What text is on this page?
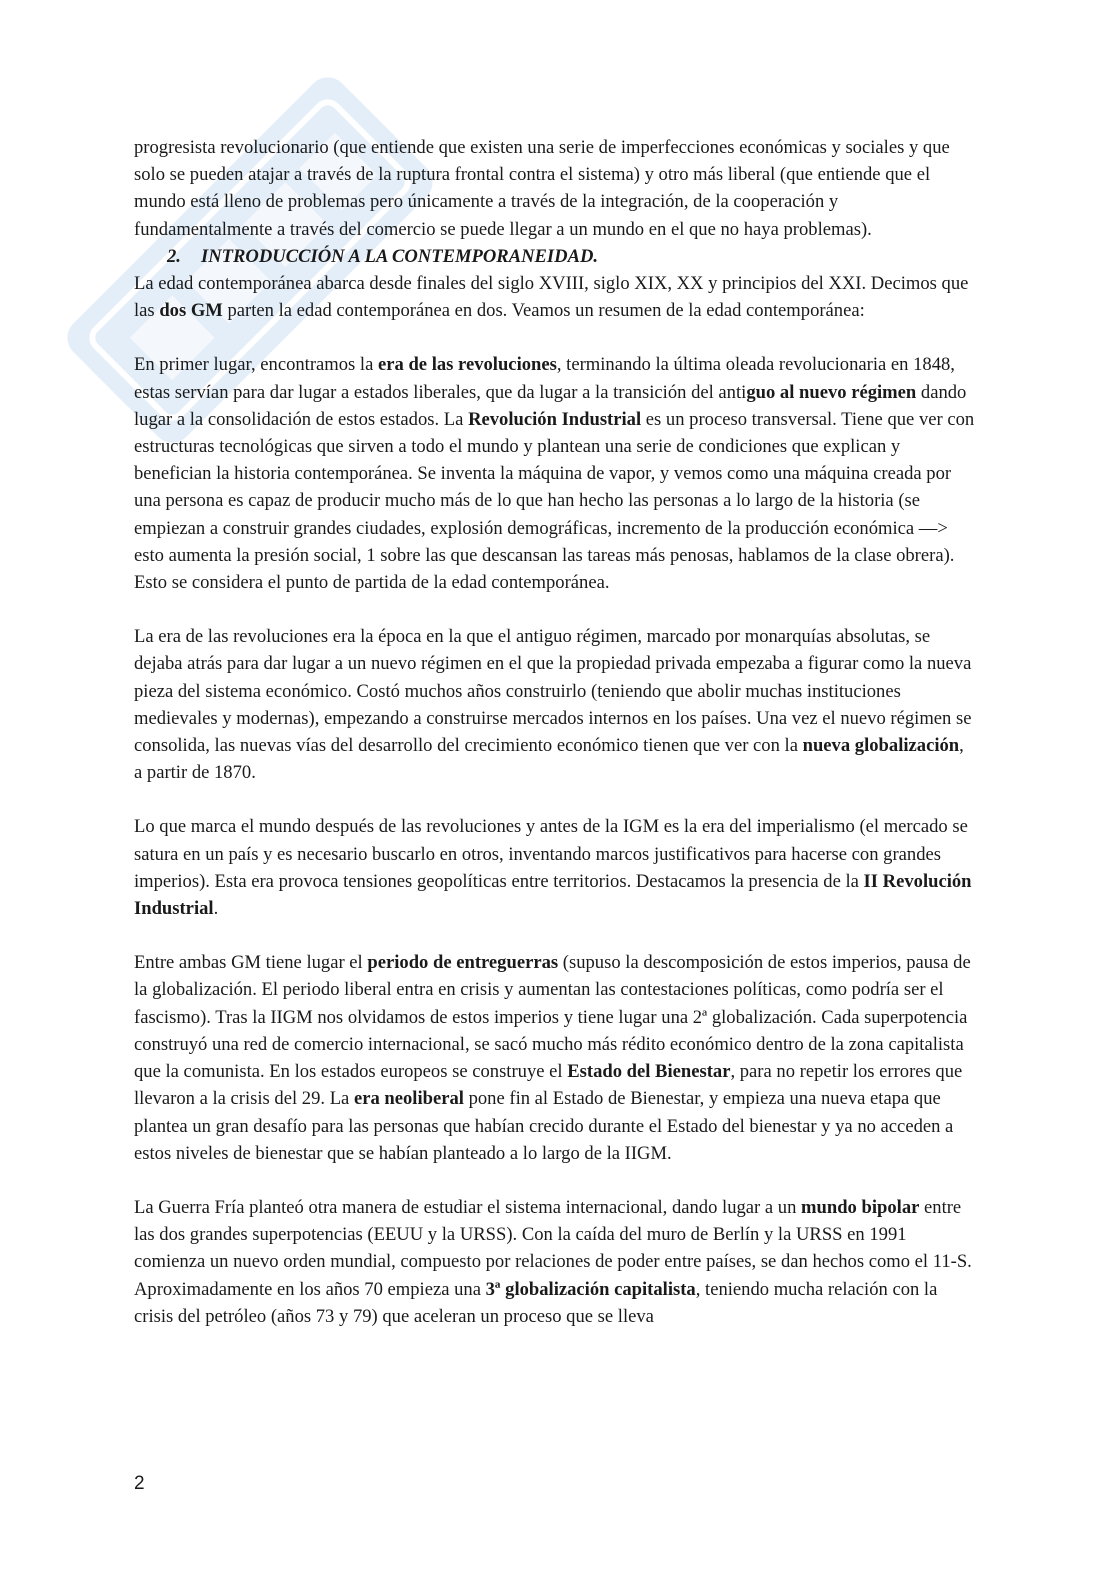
progresista revolucionario (que entiende que existen una serie de imperfecciones económicas y sociales y que solo se pueden atajar a través de la ruptura frontal contra el sistema) y otro más liberal (que entiende que el mundo está lleno de problemas pero únicamente a través de la integración, de la cooperación y fundamentalmente a través del comercio se puede llegar a un mundo en el que no haya problemas).

2. INTRODUCCIÓN A LA CONTEMPORANEIDAD.

La edad contemporánea abarca desde finales del siglo XVIII, siglo XIX, XX y principios del XXI. Decimos que las dos GM parten la edad contemporánea en dos. Veamos un resumen de la edad contemporánea:

En primer lugar, encontramos la era de las revoluciones, terminando la última oleada revolucionaria en 1848, estas servían para dar lugar a estados liberales, que da lugar a la transición del antiguo al nuevo régimen dando lugar a la consolidación de estos estados. La Revolución Industrial es un proceso transversal. Tiene que ver con estructuras tecnológicas que sirven a todo el mundo y plantean una serie de condiciones que explican y benefician la historia contemporánea. Se inventa la máquina de vapor, y vemos como una máquina creada por una persona es capaz de producir mucho más de lo que han hecho las personas a lo largo de la historia (se empiezan a construir grandes ciudades, explosión demográficas, incremento de la producción económica —> esto aumenta la presión social, 1 sobre las que descansan las tareas más penosas, hablamos de la clase obrera). Esto se considera el punto de partida de la edad contemporánea.

La era de las revoluciones era la época en la que el antiguo régimen, marcado por monarquías absolutas, se dejaba atrás para dar lugar a un nuevo régimen en el que la propiedad privada empezaba a figurar como la nueva pieza del sistema económico. Costó muchos años construirlo (teniendo que abolir muchas instituciones medievales y modernas), empezando a construirse mercados internos en los países. Una vez el nuevo régimen se consolida, las nuevas vías del desarrollo del crecimiento económico tienen que ver con la nueva globalización, a partir de 1870.

Lo que marca el mundo después de las revoluciones y antes de la IGM es la era del imperialismo (el mercado se satura en un país y es necesario buscarlo en otros, inventando marcos justificativos para hacerse con grandes imperios). Esta era provoca tensiones geopolíticas entre territorios. Destacamos la presencia de la II Revolución Industrial.

Entre ambas GM tiene lugar el periodo de entreguerras (supuso la descomposición de estos imperios, pausa de la globalización. El periodo liberal entra en crisis y aumentan las contestaciones políticas, como podría ser el fascismo). Tras la IIGM nos olvidamos de estos imperios y tiene lugar una 2ª globalización. Cada superpotencia construyó una red de comercio internacional, se sacó mucho más rédito económico dentro de la zona capitalista que la comunista. En los estados europeos se construye el Estado del Bienestar, para no repetir los errores que llevaron a la crisis del 29. La era neoliberal pone fin al Estado de Bienestar, y empieza una nueva etapa que plantea un gran desafío para las personas que habían crecido durante el Estado del bienestar y ya no acceden a estos niveles de bienestar que se habían planteado a lo largo de la IIGM.

La Guerra Fría planteó otra manera de estudiar el sistema internacional, dando lugar a un mundo bipolar entre las dos grandes superpotencias (EEUU y la URSS). Con la caída del muro de Berlín y la URSS en 1991 comienza un nuevo orden mundial, compuesto por relaciones de poder entre países, se dan hechos como el 11-S. Aproximadamente en los años 70 empieza una 3ª globalización capitalista, teniendo mucha relación con la crisis del petróleo (años 73 y 79) que aceleran un proceso que se lleva

2
